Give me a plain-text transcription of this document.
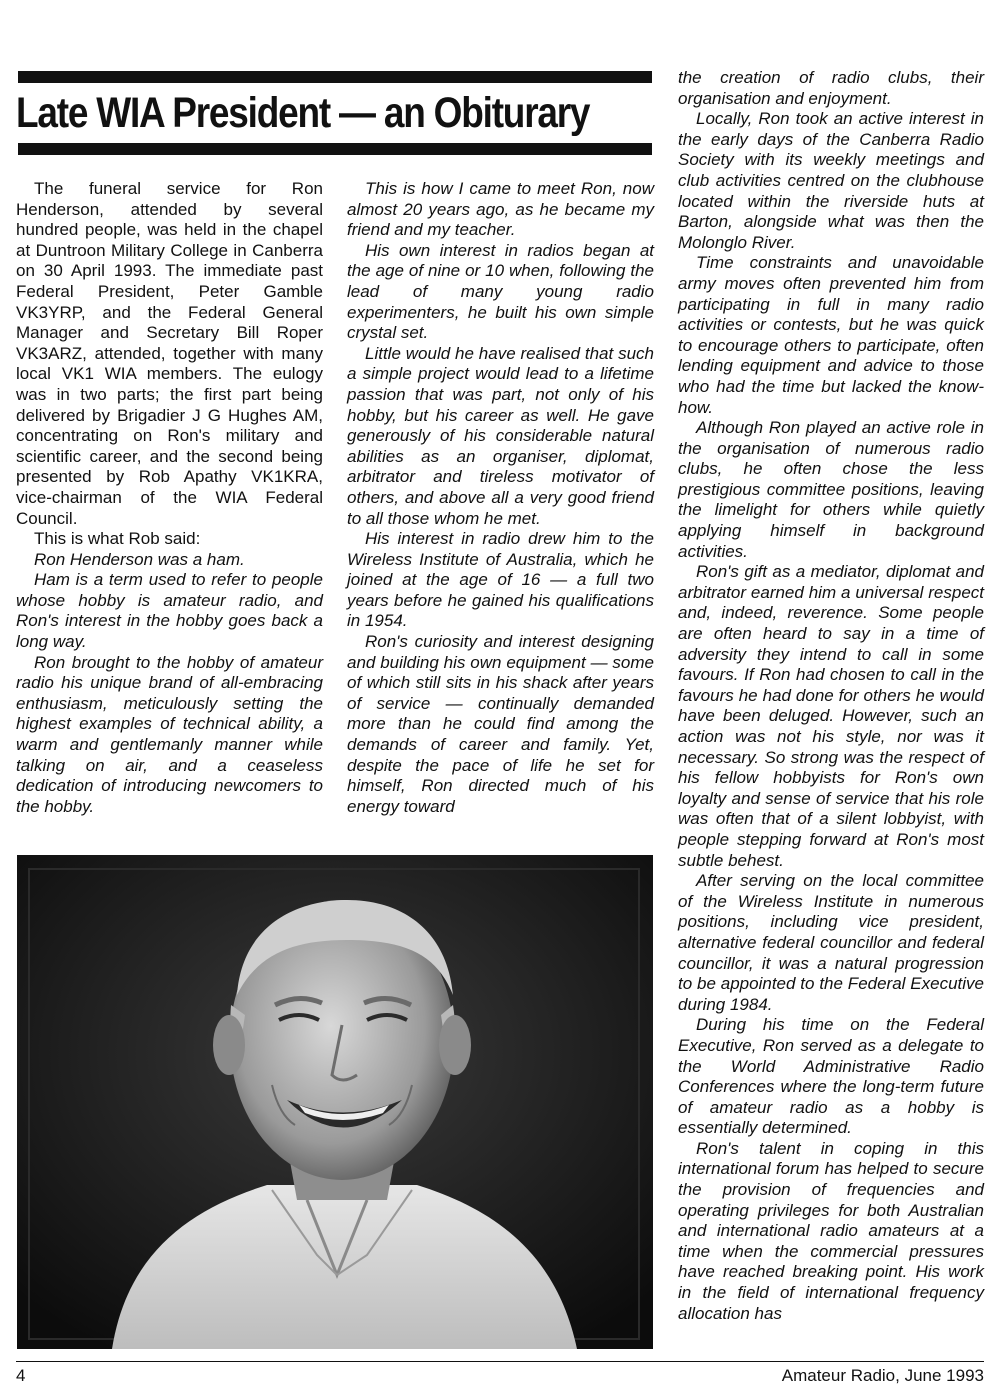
Late WIA President — an Obiturary

The funeral service for Ron Henderson, attended by several hundred people, was held in the chapel at Duntroon Military College in Canberra on 30 April 1993. The immediate past Federal President, Peter Gamble VK3YRP, and the Federal General Manager and Secretary Bill Roper VK3ARZ, attended, together with many local VK1 WIA members. The eulogy was in two parts; the first part being delivered by Brigadier J G Hughes AM, concentrating on Ron's military and scientific career, and the second being presented by Rob Apathy VK1KRA, vice-chairman of the WIA Federal Council.

This is what Rob said:

Ron Henderson was a ham.

Ham is a term used to refer to people whose hobby is amateur radio, and Ron's interest in the hobby goes back a long way.

Ron brought to the hobby of amateur radio his unique brand of all-embracing enthusiasm, meticulously setting the highest examples of technical ability, a warm and gentlemanly manner while talking on air, and a ceaseless dedication of introducing newcomers to the hobby.

This is how I came to meet Ron, now almost 20 years ago, as he became my friend and my teacher.

His own interest in radios began at the age of nine or 10 when, following the lead of many young radio experimenters, he built his own simple crystal set.

Little would he have realised that such a simple project would lead to a lifetime passion that was part, not only of his hobby, but his career as well. He gave generously of his considerable natural abilities as an organiser, diplomat, arbitrator and tireless motivator of others, and above all a very good friend to all those whom he met.

His interest in radio drew him to the Wireless Institute of Australia, which he joined at the age of 16 — a full two years before he gained his qualifications in 1954.

Ron's curiosity and interest designing and building his own equipment — some of which still sits in his shack after years of service — continually demanded more than he could find among the demands of career and family. Yet, despite the pace of life he set for himself, Ron directed much of his energy toward

the creation of radio clubs, their organisation and enjoyment.

Locally, Ron took an active interest in the early days of the Canberra Radio Society with its weekly meetings and club activities centred on the clubhouse located within the riverside huts at Barton, alongside what was then the Molonglo River.

Time constraints and unavoidable army moves often prevented him from participating in full in many radio activities or contests, but he was quick to encourage others to participate, often lending equipment and advice to those who had the time but lacked the know-how.

Although Ron played an active role in the organisation of numerous radio clubs, he often chose the less prestigious committee positions, leaving the limelight for others while quietly applying himself in background activities.

Ron's gift as a mediator, diplomat and arbitrator earned him a universal respect and, indeed, reverence. Some people are often heard to say in a time of adversity they intend to call in some favours. If Ron had chosen to call in the favours he had done for others he would have been deluged. However, such an action was not his style, nor was it necessary. So strong was the respect of his fellow hobbyists for Ron's own loyalty and sense of service that his role was often that of a silent lobbyist, with people stepping forward at Ron's most subtle behest.

After serving on the local committee of the Wireless Institute in numerous positions, including vice president, alternative federal councillor and federal councillor, it was a natural progression to be appointed to the Federal Executive during 1984.

During his time on the Federal Executive, Ron served as a delegate to the World Administrative Radio Conferences where the long-term future of amateur radio as a hobby is essentially determined.

Ron's talent in coping in this international forum has helped to secure the provision of frequencies and operating privileges for both Australian and international radio amateurs at a time when the commercial pressures have reached breaking point. His work in the field of international frequency allocation has

4	Amateur Radio, June 1993
